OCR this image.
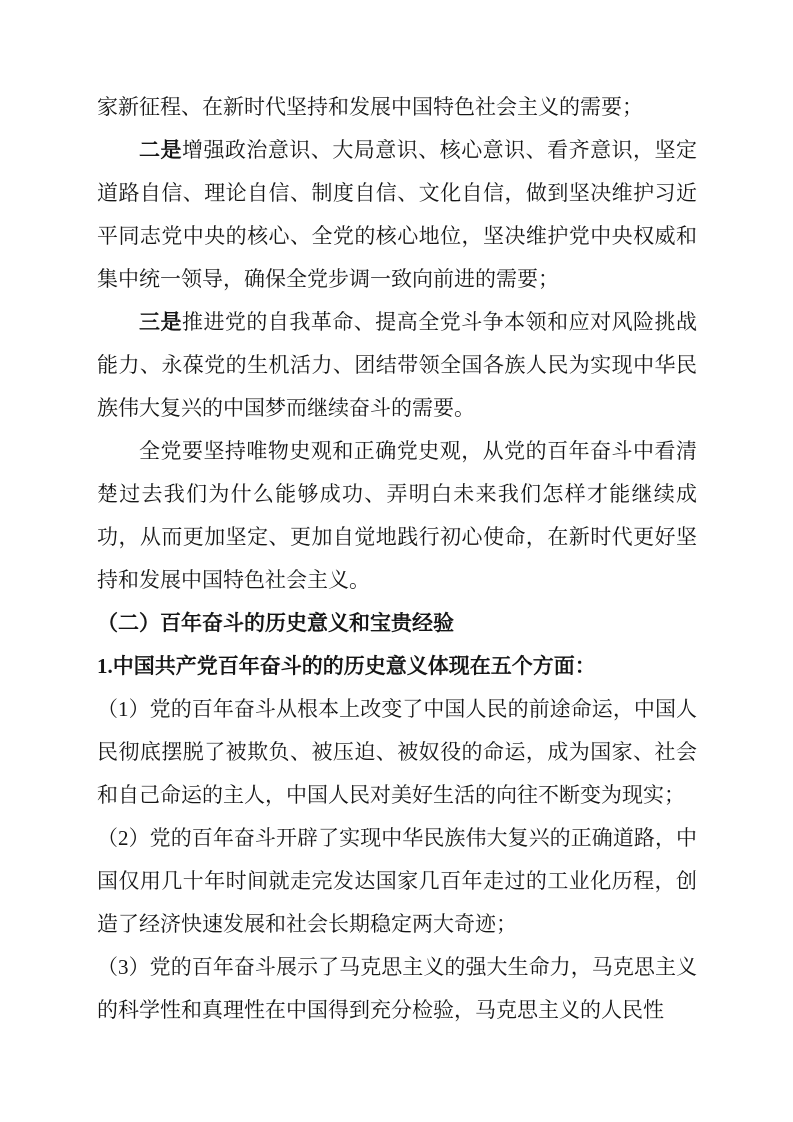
家新征程、在新时代坚持和发展中国特色社会主义的需要；

二是增强政治意识、大局意识、核心意识、看齐意识，坚定道路自信、理论自信、制度自信、文化自信，做到坚决维护习近平同志党中央的核心、全党的核心地位，坚决维护党中央权威和集中统一领导，确保全党步调一致向前进的需要；

三是推进党的自我革命、提高全党斗争本领和应对风险挑战能力、永葆党的生机活力、团结带领全国各族人民为实现中华民族伟大复兴的中国梦而继续奋斗的需要。

全党要坚持唯物史观和正确党史观，从党的百年奋斗中看清楚过去我们为什么能够成功、弄明白未来我们怎样才能继续成功，从而更加坚定、更加自觉地践行初心使命，在新时代更好坚持和发展中国特色社会主义。

（二）百年奋斗的历史意义和宝贵经验

1.中国共产党百年奋斗的的历史意义体现在五个方面：

（1）党的百年奋斗从根本上改变了中国人民的前途命运，中国人民彻底摆脱了被欺负、被压迫、被奴役的命运，成为国家、社会和自己命运的主人，中国人民对美好生活的向往不断变为现实；

（2）党的百年奋斗开辟了实现中华民族伟大复兴的正确道路，中国仅用几十年时间就走完发达国家几百年走过的工业化历程，创造了经济快速发展和社会长期稳定两大奇迹；

（3）党的百年奋斗展示了马克思主义的强大生命力，马克思主义的科学性和真理性在中国得到充分检验，马克思主义的人民性
